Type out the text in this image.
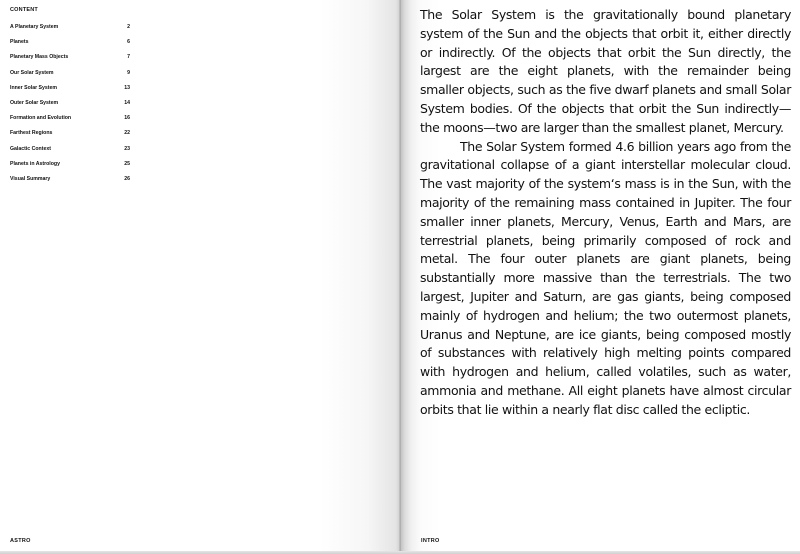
CONTENT
A Planetary System	2
Planets	6
Planetary Mass Objects	7
Our Solar System	9
Inner Solar System	13
Outer Solar System	14
Formation and Evolution	16
Farthest Regions	22
Galactic Context	23
Planets in Astrology	25
Visual Summary	26
ASTRO

The Solar System is the gravitationally bound planetary system of the Sun and the objects that orbit it, either directly or indirectly. Of the objects that orbit the Sun directly, the largest are the eight planets, with the remainder being smaller objects, such as the five dwarf planets and small Solar System bodies. Of the objects that orbit the Sun indirectly—the moons—two are larger than the smallest planet, Mercury.

The Solar System formed 4.6 billion years ago from the gravitational collapse of a giant interstellar molecular cloud. The vast majority of the system‘s mass is in the Sun, with the majority of the remaining mass contained in Jupiter. The four smaller inner planets, Mercury, Venus, Earth and Mars, are terrestrial planets, being primarily composed of rock and metal. The four outer planets are giant planets, being substantially more massive than the terrestrials. The two largest, Jupiter and Saturn, are gas giants, being composed mainly of hydrogen and helium; the two outermost planets, Uranus and Neptune, are ice giants, being composed mostly of substances with relatively high melting points compared with hydrogen and helium, called volatiles, such as water, ammonia and methane. All eight planets have almost circular orbits that lie within a nearly flat disc called the ecliptic.

INTRO
